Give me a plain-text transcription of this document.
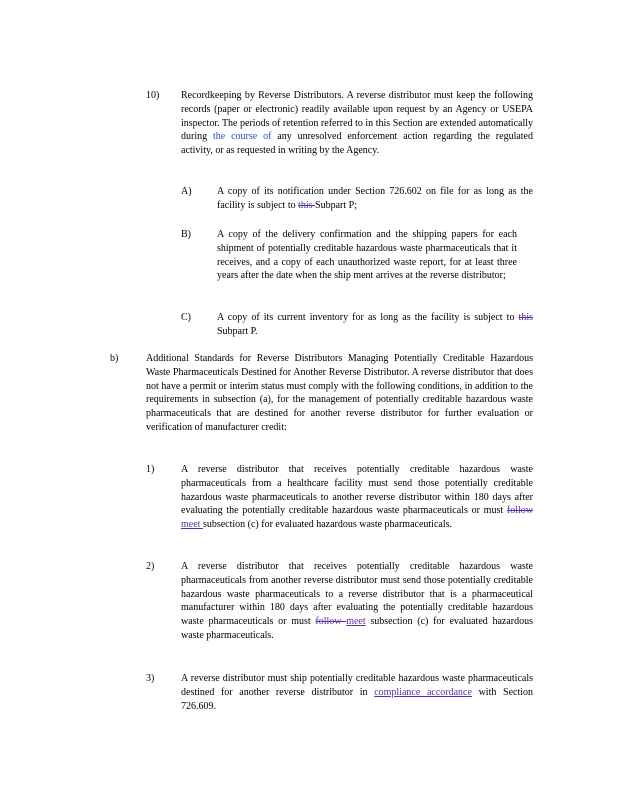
10) Recordkeeping by Reverse Distributors. A reverse distributor must keep the following records (paper or electronic) readily available upon request by an Agency or USEPA inspector. The periods of retention referred to in this Section are extended automatically during the course of any unresolved enforcement action regarding the regulated activity, or as requested in writing by the Agency.
A)	A copy of its notification under Section 726.602 on file for as long as the facility is subject to this Subpart P;
B)	A copy of the delivery confirmation and the shipping papers for each shipment of potentially creditable hazardous waste pharmaceuticals that it receives, and a copy of each unauthorized waste report, for at least three years after the date when the ship ment arrives at the reverse distributor;
C)	A copy of its current inventory for as long as the facility is subject to this Subpart P.
b)	Additional Standards for Reverse Distributors Managing Potentially Creditable Hazardous Waste Pharmaceuticals Destined for Another Reverse Distributor. A reverse distributor that does not have a permit or interim status must comply with the following conditions, in addition to the requirements in subsection (a), for the management of potentially creditable hazardous waste pharmaceuticals that are destined for another reverse distributor for further evaluation or verification of manufacturer credit:
1)	A reverse distributor that receives potentially creditable hazardous waste pharmaceuticals from a healthcare facility must send those potentially creditable hazardous waste pharmaceuticals to another reverse distributor within 180 days after evaluating the potentially creditable hazardous waste pharmaceuticals or must follow meet subsection (c) for evaluated hazardous waste pharmaceuticals.
2)	A reverse distributor that receives potentially creditable hazardous waste pharmaceuticals from another reverse distributor must send those potentially creditable hazardous waste pharmaceuticals to a reverse distributor that is a pharmaceutical manufacturer within 180 days after evaluating the potentially creditable hazardous waste pharmaceuticals or must follow meet subsection (c) for evaluated hazardous waste pharmaceuticals.
3)	A reverse distributor must ship potentially creditable hazardous waste pharmaceuticals destined for another reverse distributor in compliance accordance with Section 726.609.
